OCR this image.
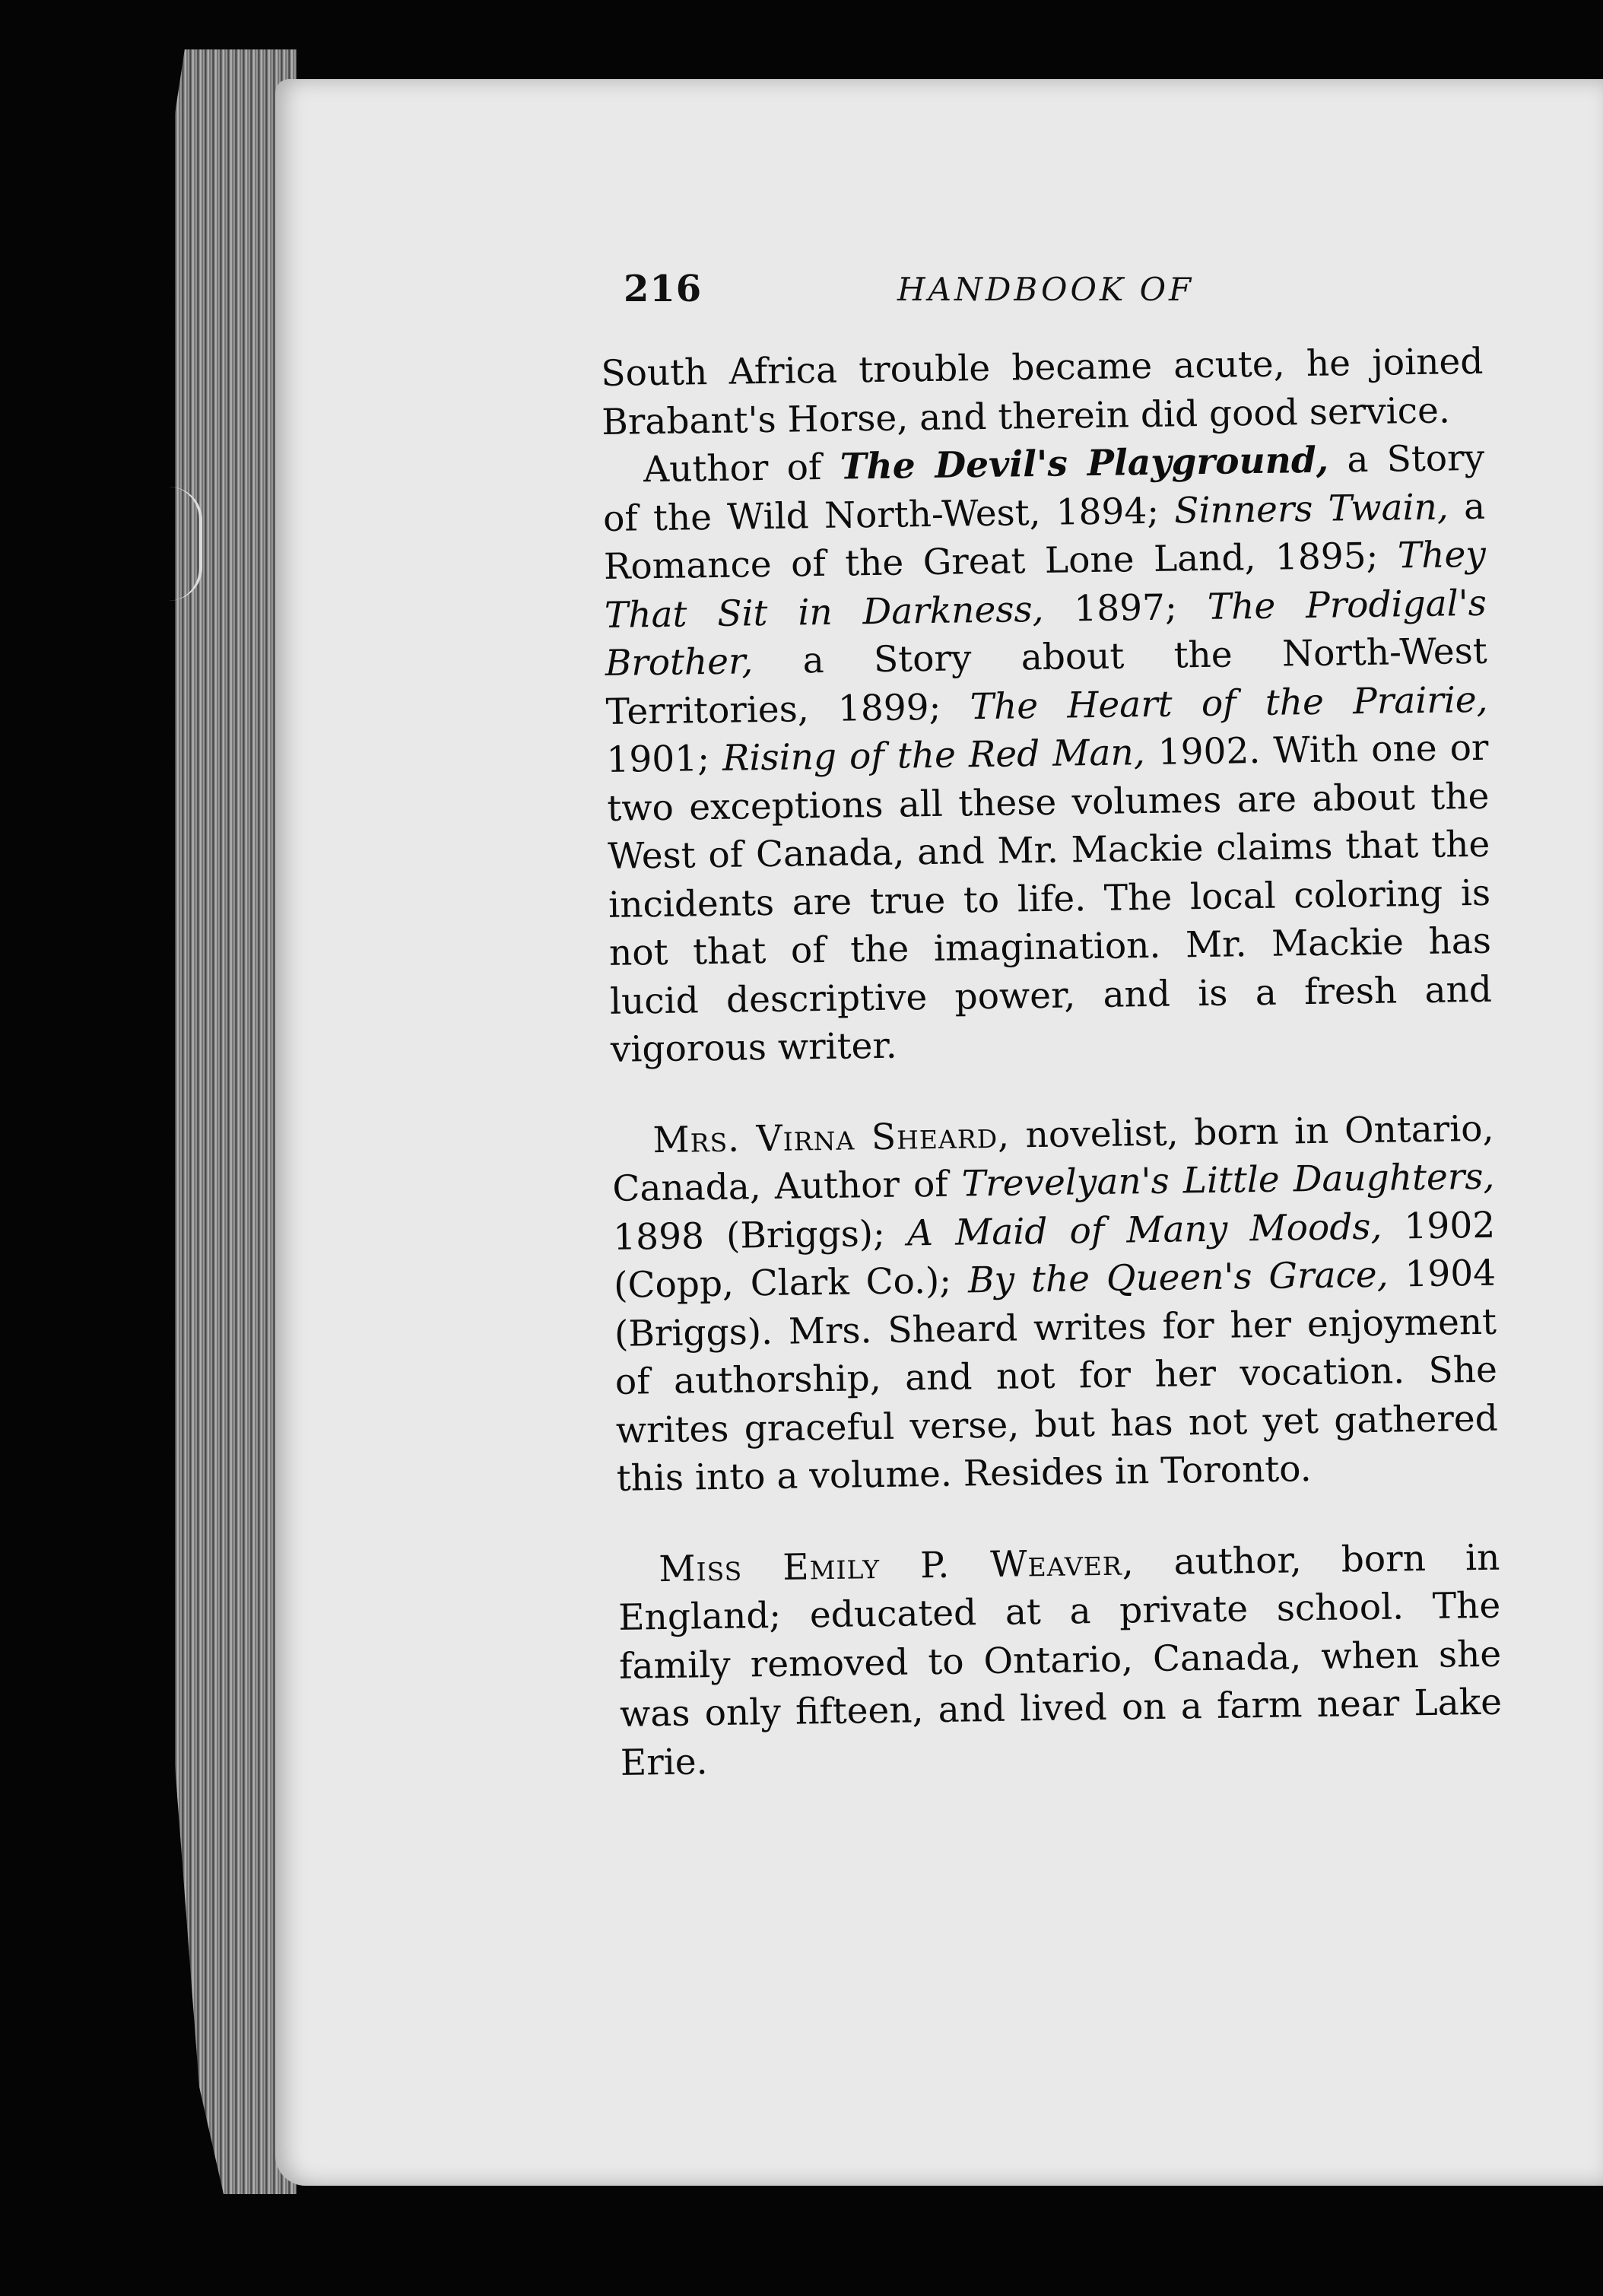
216	HANDBOOK OF

South Africa trouble became acute, he joined Brabant's Horse, and therein did good service.

Author of The Devil's Playground, a Story of the Wild North-West, 1894; Sinners Twain, a Romance of the Great Lone Land, 1895; They That Sit in Darkness, 1897; The Prodigal's Brother, a Story about the North-West Territories, 1899; The Heart of the Prairie, 1901; Rising of the Red Man, 1902. With one or two exceptions all these volumes are about the West of Canada, and Mr. Mackie claims that the incidents are true to life. The local coloring is not that of the imagination. Mr. Mackie has lucid descriptive power, and is a fresh and vigorous writer.

Mrs. Virna Sheard, novelist, born in Ontario, Canada, Author of Trevelyan's Little Daughters, 1898 (Briggs); A Maid of Many Moods, 1902 (Copp, Clark Co.); By the Queen's Grace, 1904 (Briggs). Mrs. Sheard writes for her enjoyment of authorship, and not for her vocation. She writes graceful verse, but has not yet gathered this into a volume. Resides in Toronto.

Miss Emily P. Weaver, author, born in England; educated at a private school. The family removed to Ontario, Canada, when she was only fifteen, and lived on a farm near Lake Erie.
